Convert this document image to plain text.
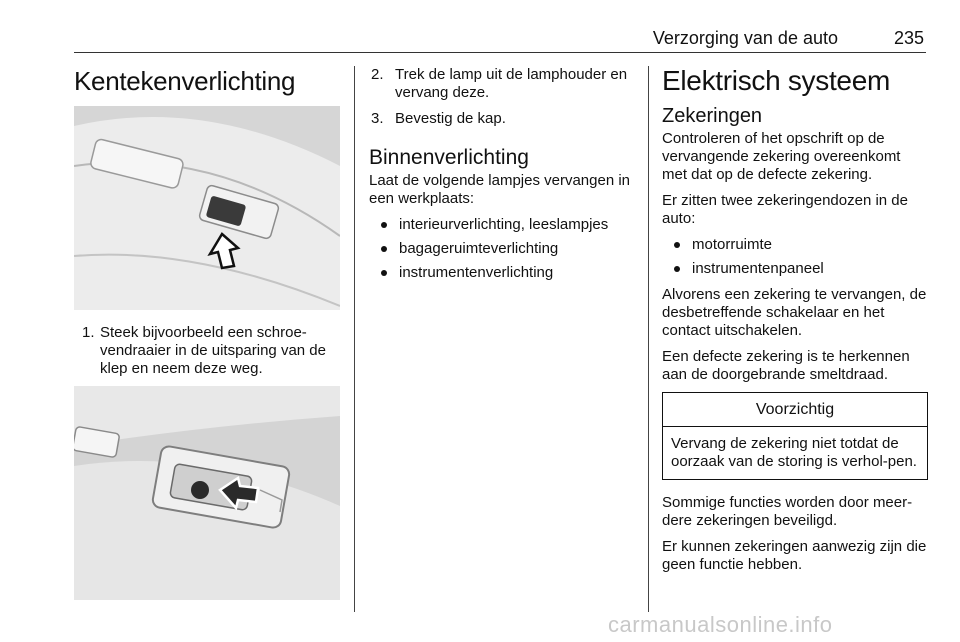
Verzorging van de auto	235
Kentekenverlichting
1. Steek bijvoorbeeld een schroe-vendraaier in de uitsparing van de klep en neem deze weg.
2. Trek de lamp uit de lamphouder en vervang deze.
3. Bevestig de kap.
Binnenverlichting

Laat de volgende lampjes vervangen in een werkplaats:

interieurverlichting, leeslampjes
bagageruimteverlichting
instrumentenverlichting
Elektrisch systeem
Zekeringen

Controleren of het opschrift op de vervangende zekering overeenkomt met dat op de defecte zekering.

Er zitten twee zekeringendozen in de auto:

motorruimte
instrumentenpaneel

Alvorens een zekering te vervangen, de desbetreffende schakelaar en het contact uitschakelen.

Een defecte zekering is te herkennen aan de doorgebrande smeltdraad.

Voorzichtig
Vervang de zekering niet totdat de oorzaak van de storing is verhol-pen.

Sommige functies worden door meer-dere zekeringen beveiligd.

Er kunnen zekeringen aanwezig zijn die geen functie hebben.

carmanualsonline.info
